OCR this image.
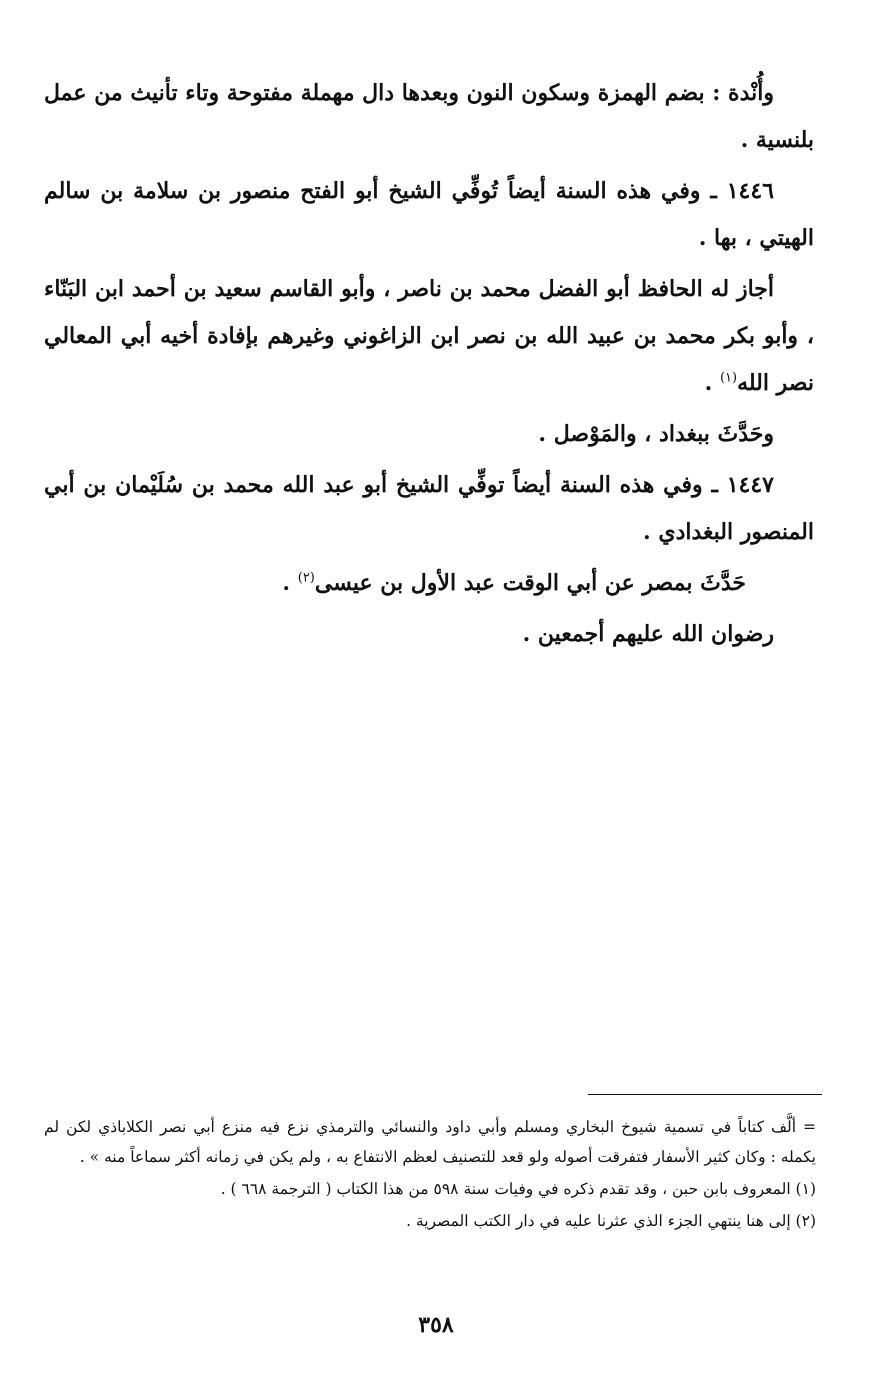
وأُنْدة : بضم الهمزة وسكون النون وبعدها دال مهملة مفتوحة وتاء تأنيث من عمل بلنسية .

١٤٤٦ ـ وفي هذه السنة أيضاً تُوفِّي الشيخ أبو الفتح منصور بن سلامة بن سالم الهيتي ، بها .

أجاز له الحافظ أبو الفضل محمد بن ناصر ، وأبو القاسم سعيد بن أحمد ابن البَنّاء ، وأبو بكر محمد بن عبيد الله بن نصر ابن الزاغوني وغيرهم بإفادة أخيه أبي المعالي نصر الله$^{(١)}$ .

وحَدَّثَ ببغداد ، والمَوْصل .

١٤٤٧ ـ وفي هذه السنة أيضاً توفِّي الشيخ أبو عبد الله محمد بن سُلَيْمان بن أبي المنصور البغدادي .

حَدَّثَ بمصر عن أبي الوقت عبد الأول بن عيسى$^{(٢)}$ .

رضوان الله عليهم أجمعين .

= ألَّف كتاباً في تسمية شيوخ البخاري ومسلم وأبي داود والنسائي والترمذي نزع فيه منزع أبي نصر الكلاباذي لكن لم يكمله : وكان كثير الأسفار فتفرقت أصوله ولو قعد للتصنيف لعظم الانتفاع به ، ولم يكن في زمانه أكثر سماعاً منه » .

(١) المعروف بابن حبن ، وقد تقدم ذكره في وفيات سنة ٥٩٨ من هذا الكتاب ( الترجمة ٦٦٨ ) .

(٢) إلى هنا ينتهي الجزء الذي عثرنا عليه في دار الكتب المصرية .

٣٥٨
